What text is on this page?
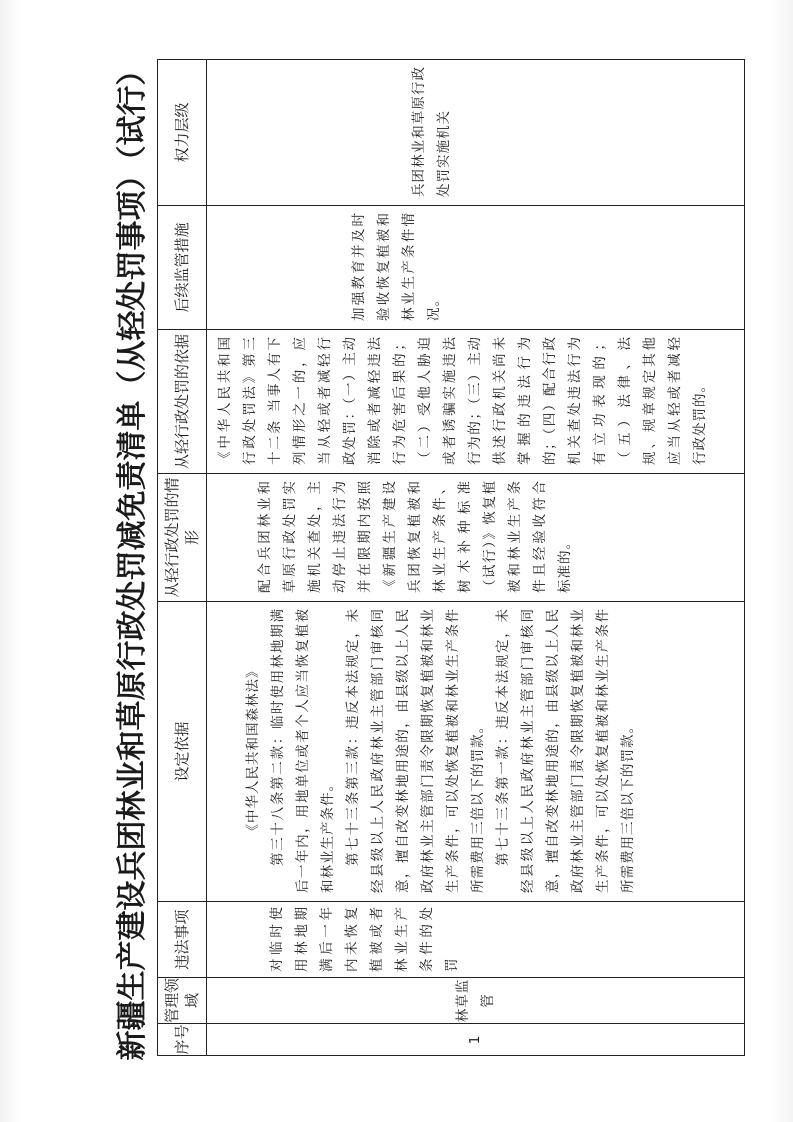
新疆生产建设兵团林业和草原行政处罚减免责清单（从轻处罚事项）（试行） 序号	管理领域	违法事项	设定依据	从轻行政处罚的情形	从轻行政处罚的依据	后续监管措施	权力层级
1	林草监管	对临时使用林地期满后一年内未恢复植被或者林业生产条件的处罚	《中华人民共和国森林法》 第三十八条第二款：临时使用林地期满后一年内，用地单位或者个人应当恢复植被和林业生产条件。 第七十三条第三款：违反本法规定，未经县级以上人民政府林业主管部门审核同意，擅自改变林地用途的，由县级以上人民政府林业主管部门责令限期恢复植被和林业生产条件，可以处恢复植被和林业生产条件所需费用三倍以下的罚款。 第七十三条第一款：违反本法规定，未经县级以上人民政府林业主管部门审核同意，擅自改变林地用途的，由县级以上人民政府林业主管部门责令限期恢复植被和林业生产条件，可以处恢复植被和林业生产条件所需费用三倍以下的罚款。	配合兵团林业和草原行政处罚实施机关查处，主动停止违法行为并在限期内按照《新疆生产建设兵团恢复植被和林业生产条件、树木补种标准（试行）》恢复植被和林业生产条件且经验收符合标准的。	《中华人民共和国行政处罚法》第三十二条 当事人有下列情形之一的，应当从轻或者减轻行政处罚：（一）主动消除或者减轻违法行为危害后果的；（二）受他人胁迫或者诱骗实施违法行为的；（三）主动供述行政机关尚未掌握的违法行为的；（四）配合行政机关查处违法行为有立功表现的；（五）法律、法规、规章规定其他应当从轻或者减轻行政处罚的。	加强教育并及时验收恢复植被和林业生产条件情况。	兵团林业和草原行政处罚实施机关
